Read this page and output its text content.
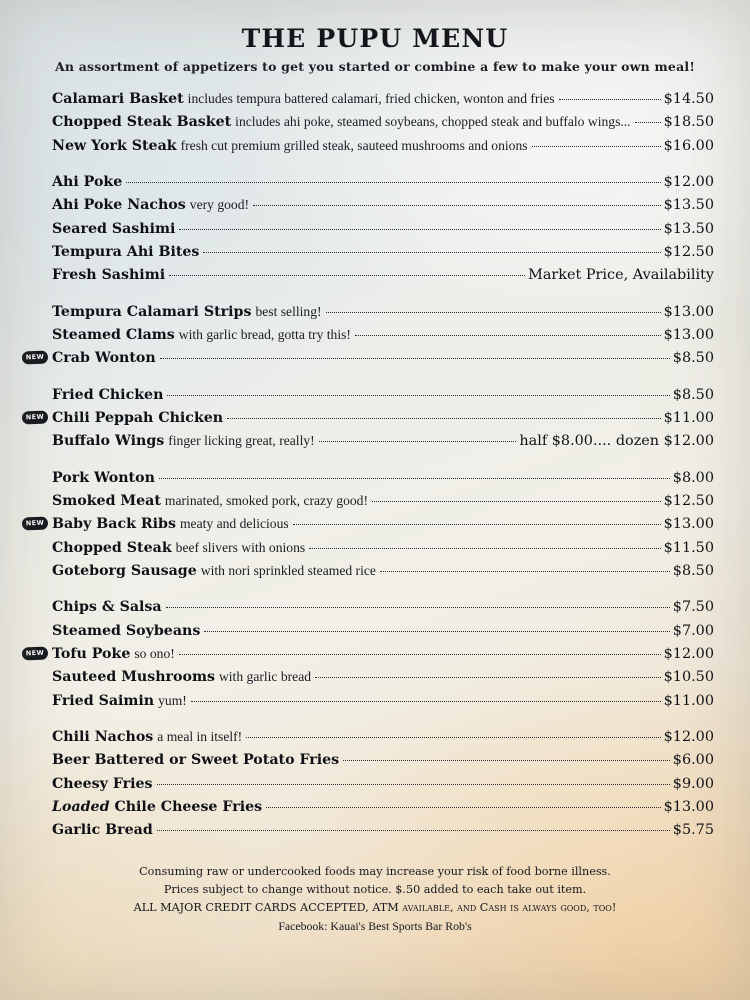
THE PUPU MENU
An assortment of appetizers to get you started or combine a few to make your own meal!
Calamari Basket includes tempura battered calamari, fried chicken, wonton and fries	$14.50
Chopped Steak Basket includes ahi poke, steamed soybeans, chopped steak and buffalo wings... $18.50
New York Steak fresh cut premium grilled steak, sauteed mushrooms and onions	$16.00
Ahi Poke	$12.00
Ahi Poke Nachos very good!	$13.50
Seared Sashimi	$13.50
Tempura Ahi Bites	$12.50
Fresh Sashimi	Market Price, Availability
Tempura Calamari Strips best selling!	$13.00
Steamed Clams with garlic bread, gotta try this!	$13.00
NEW Crab Wonton	$8.50
Fried Chicken	$8.50
NEW Chili Peppah Chicken	$11.00
Buffalo Wings finger licking great, really!	half $8.00.... dozen $12.00
Pork Wonton	$8.00
Smoked Meat marinated, smoked pork, crazy good!	$12.50
NEW Baby Back Ribs meaty and delicious	$13.00
Chopped Steak beef slivers with onions	$11.50
Goteborg Sausage with nori sprinkled steamed rice	$8.50
Chips & Salsa	$7.50
Steamed Soybeans	$7.00
NEW Tofu Poke so ono!	$12.00
Sauteed Mushrooms with garlic bread	$10.50
Fried Saimin yum!	$11.00
Chili Nachos a meal in itself!	$12.00
Beer Battered or Sweet Potato Fries	$6.00
Cheesy Fries	$9.00
Loaded Chile Cheese Fries	$13.00
Garlic Bread	$5.75
Consuming raw or undercooked foods may increase your risk of food borne illness.
Prices subject to change without notice. $.50 added to each take out item.
ALL MAJOR CREDIT CARDS ACCEPTED, ATM available, and Cash is always good, too!
Facebook: Kauai's Best Sports Bar Rob's
